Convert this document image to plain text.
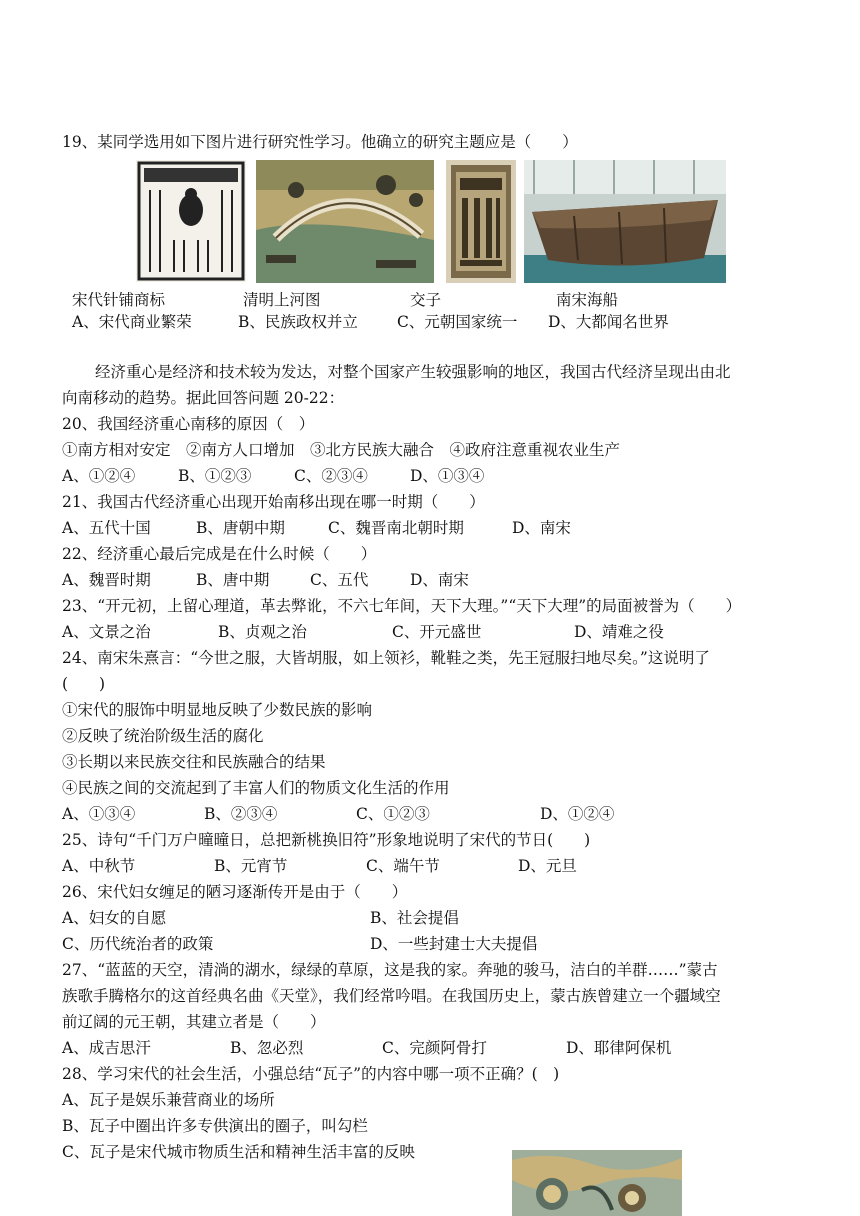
19、某同学选用如下图片进行研究性学习。他确立的研究主题应是（　　）
宋代针铺商标	清明上河图	交子	南宋海船
A、宋代商业繁荣	B、民族政权并立	C、元朝国家统一 D、大都闻名世界
经济重心是经济和技术较为发达，对整个国家产生较强影响的地区，我国古代经济呈现出由北
向南移动的趋势。据此回答问题 20-22：
20、我国经济重心南移的原因（　）
①南方相对安定　②南方人口增加　③北方民族大融合　④政府注意重视农业生产
A、①②④	B、①②③	C、②③④	D、①③④
21、我国古代经济重心出现开始南移出现在哪一时期（　　）
A、五代十国	B、唐朝中期	C、魏晋南北朝时期	D、南宋
22、经济重心最后完成是在什么时候（　　）
A、魏晋时期	B、唐中期	C、五代	D、南宋
23、“开元初，上留心理道，革去弊讹，不六七年间，天下大理。”“天下大理”的局面被誉为（　　）
A、文景之治	B、贞观之治	C、开元盛世	D、靖难之役
24、南宋朱熹言：“今世之服，大皆胡服，如上领衫，靴鞋之类，先王冠服扫地尽矣。”这说明了
(　　)
①宋代的服饰中明显地反映了少数民族的影响
②反映了统治阶级生活的腐化
③长期以来民族交往和民族融合的结果
④民族之间的交流起到了丰富人们的物质文化生活的作用
A、①③④	B、②③④	C、①②③	D、①②④
25、诗句“千门万户曈曈日，总把新桃换旧符”形象地说明了宋代的节日(　　)
A、中秋节	B、元宵节	C、端午节	D、元旦
26、宋代妇女缠足的陋习逐渐传开是由于（　　）
A、妇女的自愿	B、社会提倡
C、历代统治者的政策	D、一些封建士大夫提倡
27、“蓝蓝的天空，清淌的湖水，绿绿的草原，这是我的家。奔驰的骏马，洁白的羊群……”蒙古
族歌手腾格尔的这首经典名曲《天堂》，我们经常吟唱。在我国历史上，蒙古族曾建立一个疆域空
前辽阔的元王朝，其建立者是（　　）
A、成吉思汗	B、忽必烈	C、完颜阿骨打	D、耶律阿保机
28、学习宋代的社会生活，小强总结“瓦子”的内容中哪一项不正确？(　)
A、瓦子是娱乐兼营商业的场所
B、瓦子中圈出许多专供演出的圈子，叫勾栏
C、瓦子是宋代城市物质生活和精神生活丰富的反映
